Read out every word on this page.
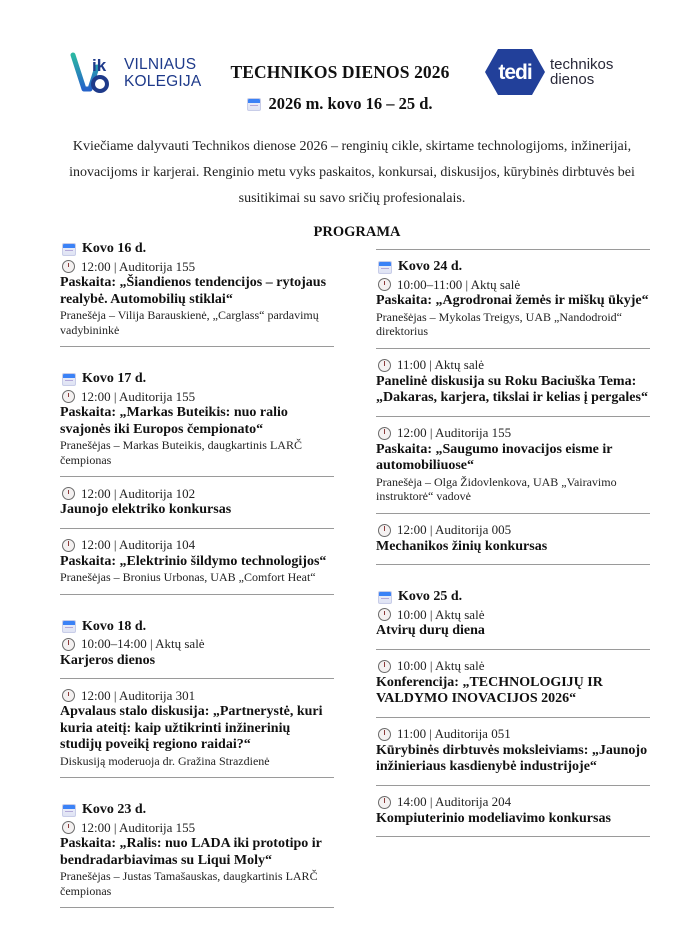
ik VILNIAUS
KOLEGIJA	TECHNIKOS DIENOS 2026
2026 m. kovo 16 – 25 d.
tedi technikos
dienos

Kviečiame dalyvauti Technikos dienose 2026 – renginių cikle, skirtame technologijoms, inžinerijai, inovacijoms ir karjerai. Renginio metu vyks paskaitos, konkursai, diskusijos, kūrybinės dirbtuvės bei susitikimai su savo sričių profesionalais.

PROGRAMA
Kovo 16 d.
12:00 | Auditorija 155
Paskaita: „Šiandienos tendencijos – rytojaus realybė. Automobilių stiklai“
Pranešėja – Vilija Barauskienė, „Carglass“ pardavimų vadybininkė
Kovo 17 d.
12:00 | Auditorija 155
Paskaita: „Markas Buteikis: nuo ralio svajonės iki Europos čempionato“
Pranešėjas – Markas Buteikis, daugkartinis LARČ čempionas
12:00 | Auditorija 102
Jaunojo elektriko konkursas
12:00 | Auditorija 104
Paskaita: „Elektrinio šildymo technologijos“
Pranešėjas – Bronius Urbonas, UAB „Comfort Heat“
Kovo 18 d.
10:00–14:00 | Aktų salė
Karjeros dienos
12:00 | Auditorija 301
Apvalaus stalo diskusija: „Partnerystė, kuri kuria ateitį: kaip užtikrinti inžinerinių studijų poveikį regiono raidai?“
Diskusiją moderuoja dr. Gražina Strazdienė
Kovo 23 d.
12:00 | Auditorija 155
Paskaita: „Ralis: nuo LADA iki prototipo ir bendradarbiavimas su Liqui Moly“
Pranešėjas – Justas Tamašauskas, daugkartinis LARČ čempionas
Kovo 24 d.
10:00–11:00 | Aktų salė
Paskaita: „Agrodronai žemės ir miškų ūkyje“
Pranešėjas – Mykolas Treigys, UAB „Nandodroid“ direktorius
11:00 | Aktų salė
Panelinė diskusija su Roku Baciuška Tema: „Dakaras, karjera, tikslai ir kelias į pergales“
12:00 | Auditorija 155
Paskaita: „Saugumo inovacijos eisme ir automobiliuose“
Pranešėja – Olga Židovlenkova, UAB „Vairavimo instruktorė“ vadovė
12:00 | Auditorija 005
Mechanikos žinių konkursas
Kovo 25 d.
10:00 | Aktų salė
Atvirų durų diena
10:00 | Aktų salė
Konferencija: „TECHNOLOGIJŲ IR VALDYMO INOVACIJOS 2026“
11:00 | Auditorija 051
Kūrybinės dirbtuvės moksleiviams: „Jaunojo inžinieriaus kasdienybė industrijoje“
14:00 | Auditorija 204
Kompiuterinio modeliavimo konkursas
